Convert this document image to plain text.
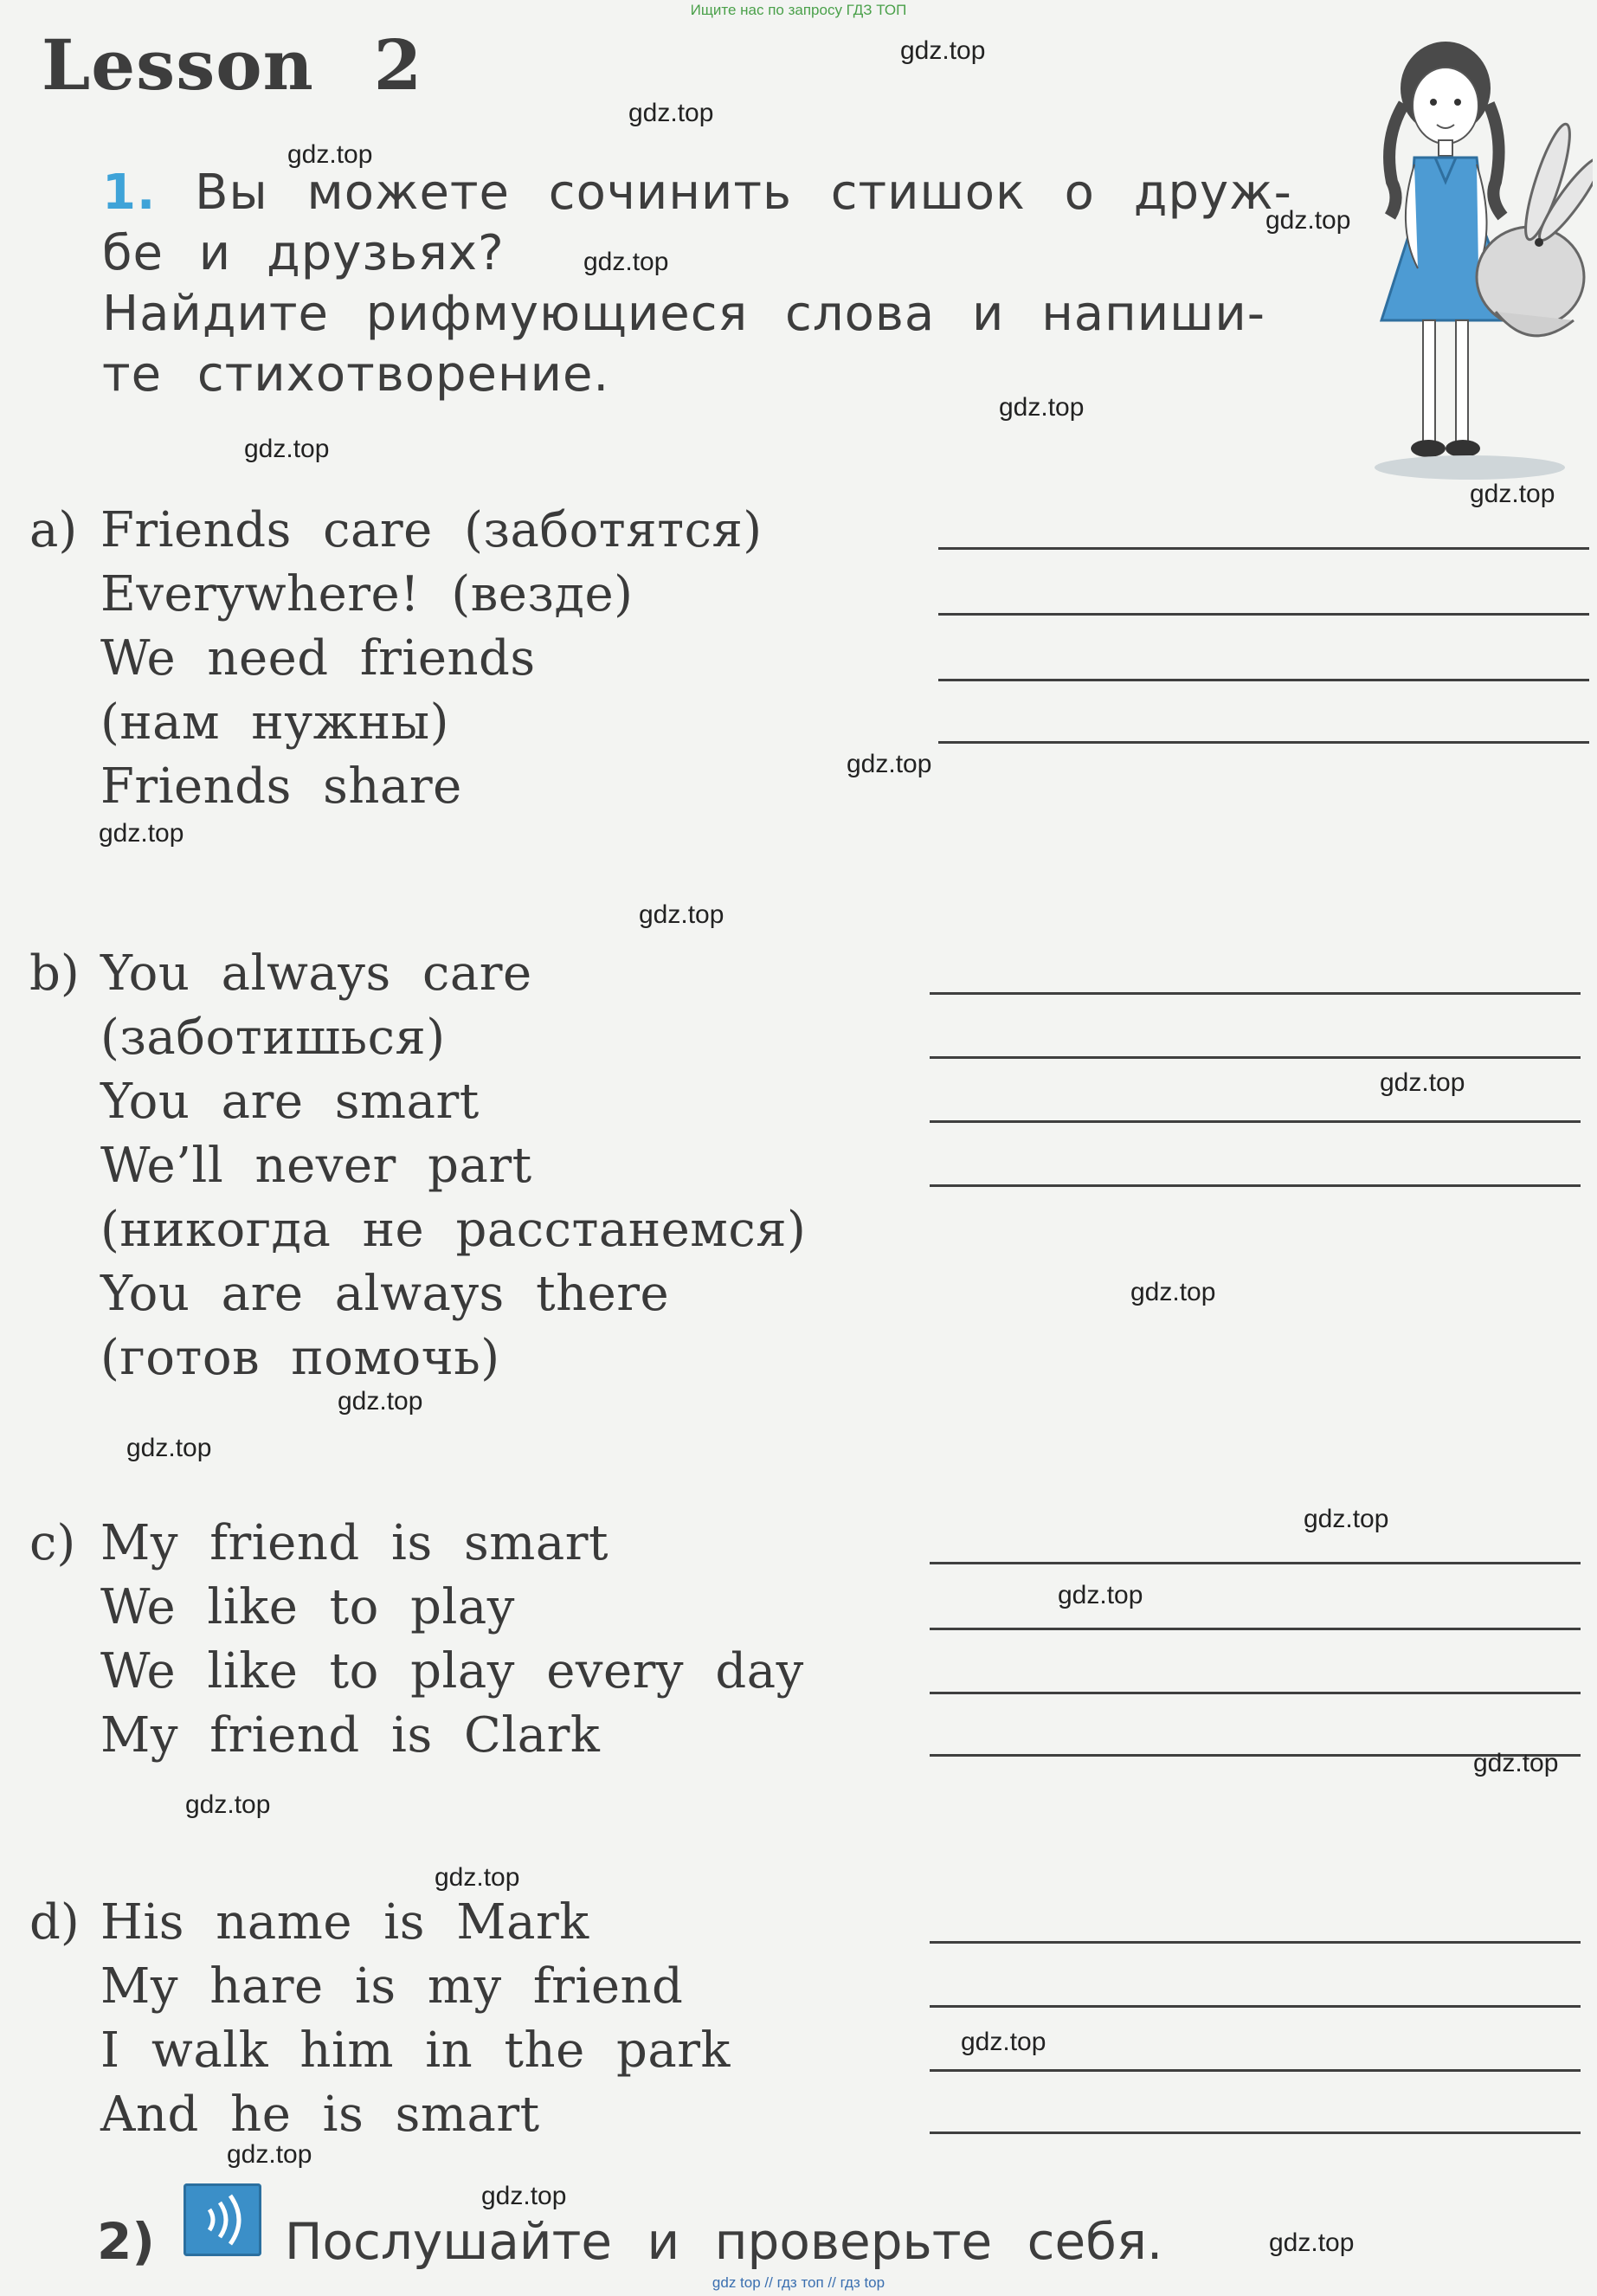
Ищите нас по запросу ГДЗ ТОП
Lesson 2
1. Вы можете сочинить стишок о друж-
бе и друзьях?
Найдите рифмующиеся слова и напиши-
те стихотворение.
a) Friends care (заботятся)
Everywhere! (везде)
We need friends
(нам нужны)
Friends share
b) You always care
(заботишься)
You are smart
We’ll never part
(никогда не расстанемся)
You are always there
(готов помочь)
c) My friend is smart
We like to play
We like to play every day
My friend is Clark
d) His name is Mark
My hare is my friend
I walk him in the park
And he is smart
2)	Послушайте и проверьте себя.
gdz.top
gdz.top
gdz.top
gdz.top
gdz.top
gdz.top
gdz.top
gdz.top
gdz.top
gdz.top
gdz.top
gdz.top
gdz.top
gdz.top
gdz.top
gdz.top
gdz.top
gdz.top
gdz.top
gdz.top
gdz.top
gdz.top
gdz.top
gdz.top
gdz top // гдз топ // гдз top
